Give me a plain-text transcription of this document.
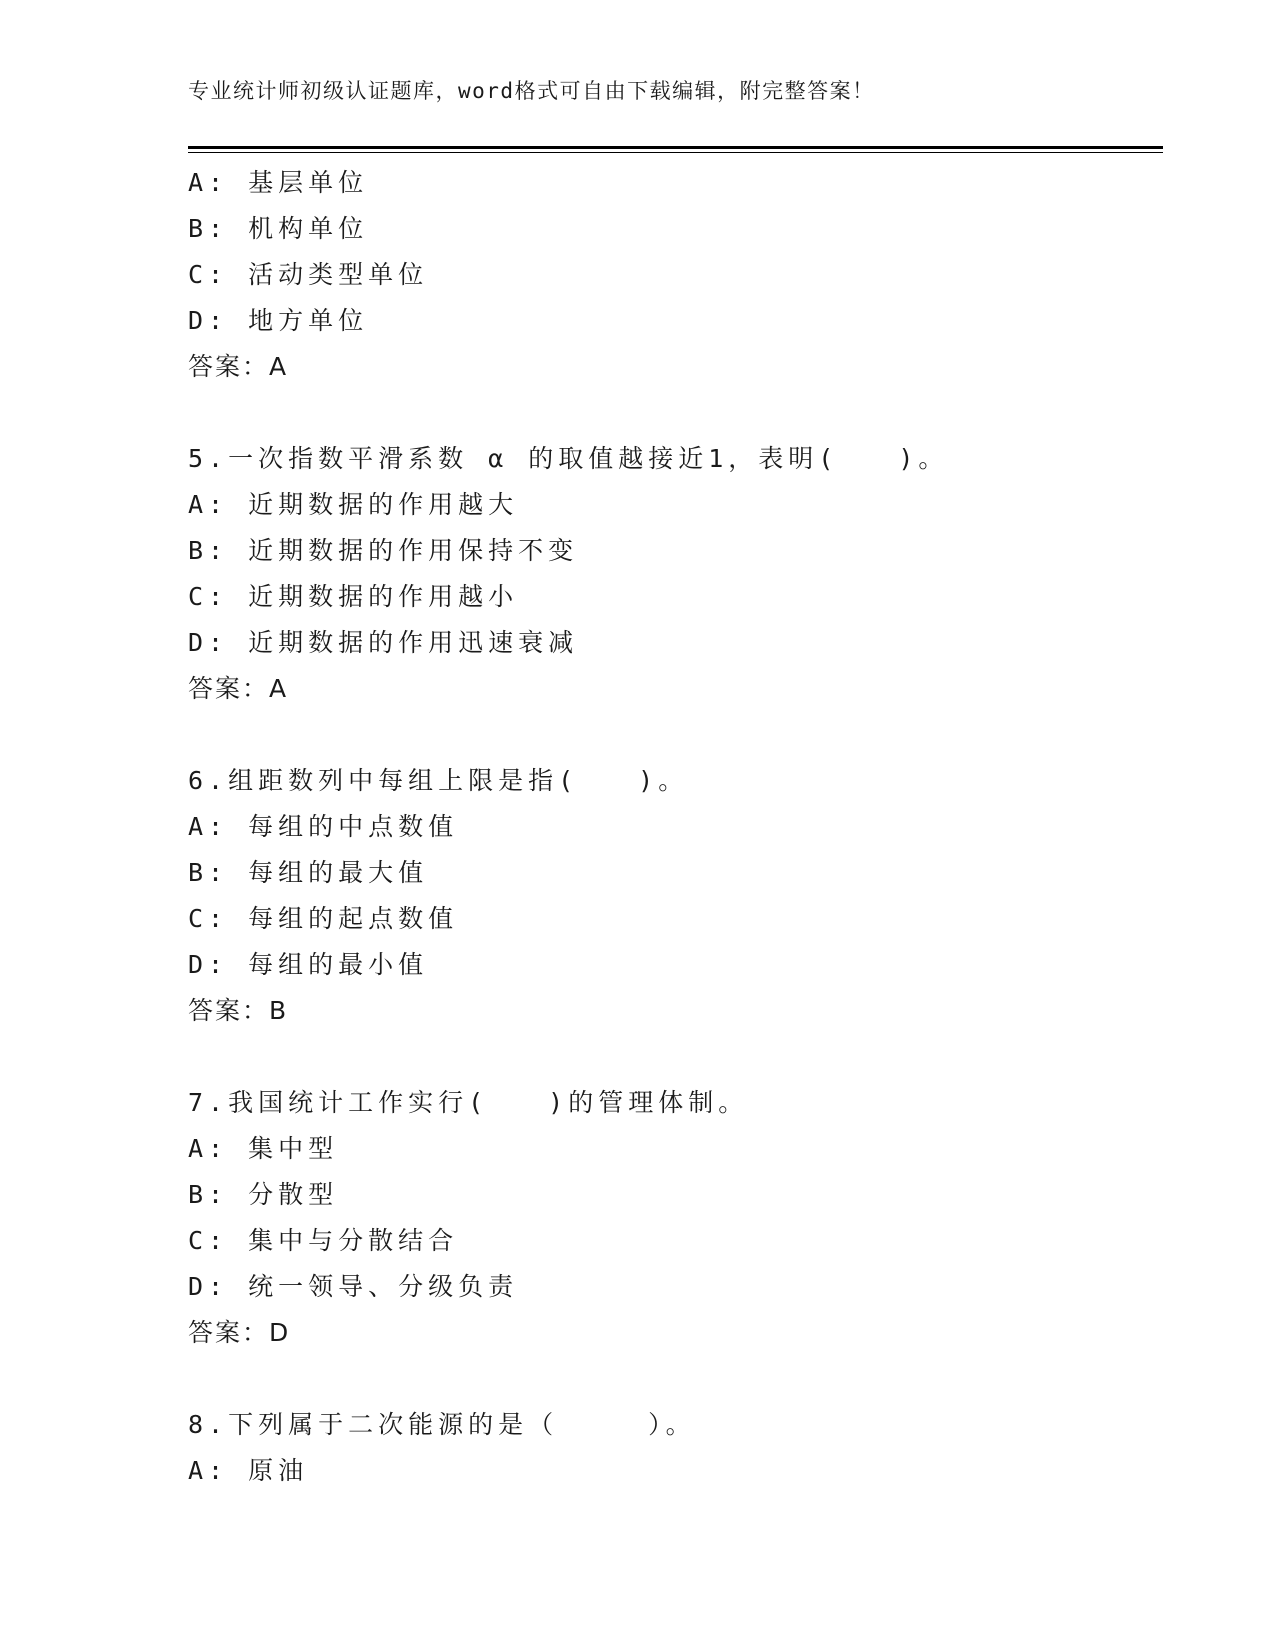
专业统计师初级认证题库，word格式可自由下载编辑，附完整答案！
A: 基层单位
B: 机构单位
C: 活动类型单位
D: 地方单位
答案：A
5.一次指数平滑系数 α 的取值越接近1，表明(　　)。
A: 近期数据的作用越大
B: 近期数据的作用保持不变
C: 近期数据的作用越小
D: 近期数据的作用迅速衰减
答案：A
6.组距数列中每组上限是指(　　)。
A: 每组的中点数值
B: 每组的最大值
C: 每组的起点数值
D: 每组的最小值
答案：B
7.我国统计工作实行(　　)的管理体制。
A: 集中型
B: 分散型
C: 集中与分散结合
D: 统一领导、分级负责
答案：D
8.下列属于二次能源的是（　　　）。
A: 原油
